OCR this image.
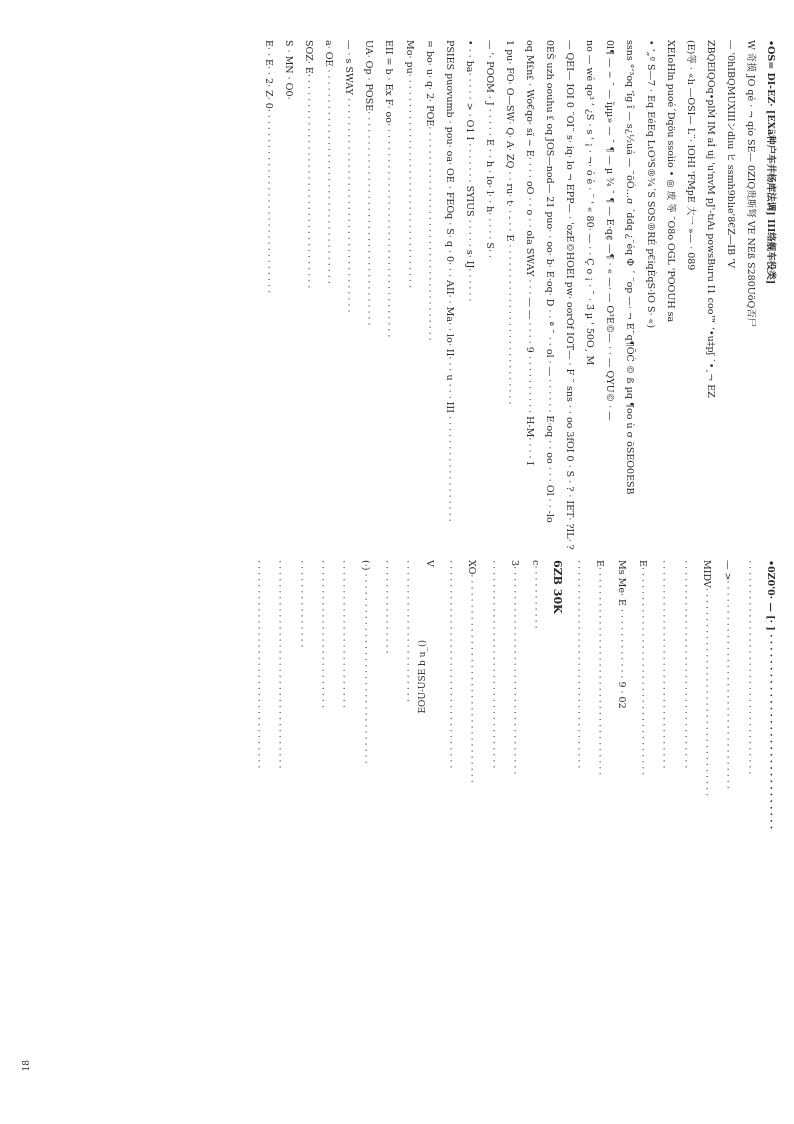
•OS= DI-EZ· [EXä种户车井杨库法调] III络舰车役类]
W 奇摸 JO qé · ¬ qío SE— 0ZIQ贵斯弩 VE NEß S280UöQ否尸
— '0hIBQMUXIIIンdlıu ヒ ssmh9blıe'8€Z―IB ’V
ZBQEIQOq•plṀ IM aİ uj 'u'nvM pJ'-tıAı powsBuru I1 ‍coo™ ‘•u‡pʃ ˙•¸¬ EZ
(E)等 · «lı —OSI— L¨· lOHI 'FMpE 大一 »— · 089
XEIoHln puoé´Dqöu ssoìio • ◎ 废 等 ¨O8o OGL 'POOUH sa
• ’„º S—7 · Eq EéEq LιO³S®¾´S SOS®RÉ p€iqÈqS·lO S· «)
ssns °’³oq ’îg ĩ — s¿½uá — ¨öÓ…σ ´ddq ¿¨éq Φ ´ ¨op —· ¬ E¨q¶ÕĆ © ß µq ¶oo ù σ öSEO0ESB
0l¶ — − ¯ — ĩµµ» — ¯ ¶ — µ ¾ ¯ ¶ — E·q¢ —¶ · « —· — O³E©— · · — QYU© · —
no — wé qo³ ’ ¿S · s ' ¡ · ¬· ó è · ¨ ' « 80· — · · Ç o ¡ · ¯ · 3̄ µ ' 50O¸ M
— QEI— IOI 0 ¨OI¨ s· iq· lo ¬ EPP— · 'ozE©HOEI pw· oorOf IOT— · F ¨ sns · · oo 3fOI 0 · S · ? · IET· ?IL· ?
0EŠ uzh oouhu ₤ oq JOS—nod— 21 puo· · oo· b· E·oq· D · · ª ¯ · · ol · — · · · · · · E·oq · · oo · · · Ol · · -lo
oq M₤n₤ · Wo€qo· sï ~ E· · · · oO · · o · · ola SWAY · · · — — · · · · 9 · · · · · · · · · · H-M· · · · I
1 pu· FO· O—SW· Q· A· ZQ · · ru· t· · - · · E · · · · · · · · · · · · · · · · · · · · · · · · · · ·
— '· POOM · J · · · · · E · · h · lo· l· · h· · · · · S· ·
• · · ba· · · · · > · O1 I · · · · · · · SYIUS · · · · · s· IJ· · · · · ·
PSIES puovumb · pou· oa· OE · FEOq · S· q · 0· · · AII· · Ma· · lo· II· · · u · · · III · · · · · · · · · · · · · · · · · ·
= bo· u· q· 2· POE· · · · · · · · · · · · · · · · · · · · · · · · · · · · · · · · · · · ·
Mo· pu· · · · · · · · · · · · · · · · · · · · · · · · · · · · · · · · · · · ·
EII = b · Ex F· oo· · · · · · · · · · · · · · · · · · · · · · · · · · · · · · · · · · · ·
UA· Op · POSE· · · · · · · · · · · · · · · · · · · · · · · · · · · · · · · · · · · ·
— · s SWAY · · · · · · · · · · · · · · · · · · · · · · · · · · · · · · · · · · · ·
a· OE · · · · · · · · · · · · · · · · · · · · · · · · · · · · · · · · · · · ·
SOZ· E· · · · · · · · · · · · · · · · · · · · · · · · · · · · · · · · · · · ·
S · MN · O0·
E· · E· · 2· Z· 0· · · · · · · · · · · · · · · · · · · · · · · · · · · · · · ·
•0Z0'0· — [· ] · · · · · · · · · · · · · · · · · · · · · · · · · · · · · ·
· · · · · · · · · · · · · · · · · · · · · · · · · · · · · · · · · · · ·
— >· · · · · · · · · · · · · · · · · · · · · · · · · · · · · · · · · · ·
MIDV· · · · · · · · · · · · · · · · · · · · · · · · · · · · · · · · · · ·
· · · · · · · · · · · · · · · · · · · · · · · · · · · · · · · · · · ·
· · · · · · · · · · · · · · · · · · · · · · · · · · · · · · · · · · ·
E· · · · · · · · · · · · · · · · · · · · · · · · · · · · · · · · · · ·
Ms Me· E · · · · · · · · · · · · 9 · 02
E· · · · · · · · · · · · · · · · · · · · · · · · · · · · · · · · · · ·
· · · · · · · · · · · · · · · · · · · · · · · · · · · · · · · · · · ·
6ZB 30K
c· · · · · · · · · · ·
3· · · · · · · · · · · · · · · · · · · · · · · · · · · · · · · · · · ·
· · · · · · · · · · · · · · · · · · · · · · · · · · · · · · · · · · ·
XO· · · · · · · · · · · · · · · · · · · · · · · · · · · · · · · · · · ·
· · · · · · · · · · · · · · · · · · · · · · · · · · · · · · · · · · ·
V
· · · · · · · · · · · · · · · · · · · · · · · ·
· · · · · · · · · · · · · · · ·
(·) · · · · · · · · · · · · · · · · · · · · · · · · · · · · · · · ·
· · · · · · · · · · · · · · · · · · · · · · · · ·
· · · · · · · · · · · · · · · · · · · · · · · · ·
· · · · · · · · · · · · · · ·
· · · · · · · · · · · · · · · · · · · · · · · · · · · · · · · · · · ·
· · · · · · · · · · · · · · · · · · · · · · · · · · · · · · · · · · ·	EOU-USE b u_()
18
